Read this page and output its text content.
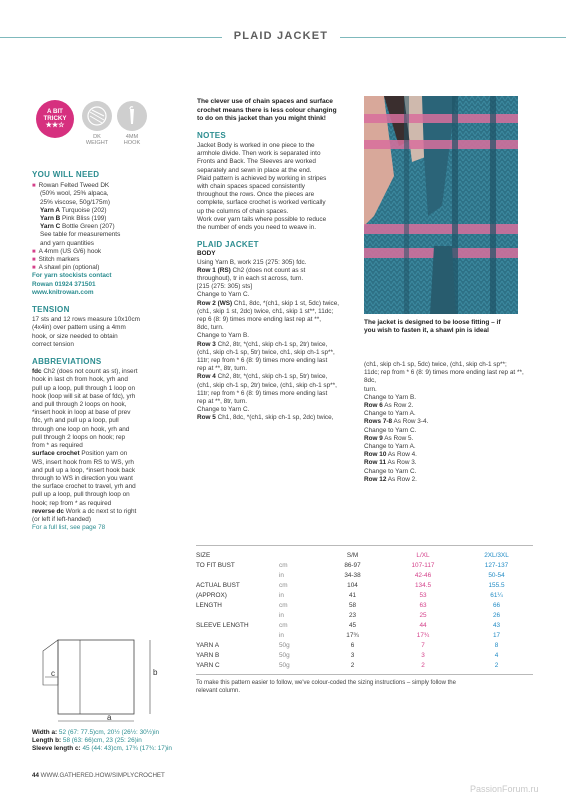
PLAID JACKET
A BIT
TRICKY
★★☆
DK
WEIGHT
4MM
HOOK
YOU WILL NEED
■ Rowan Felted Tweed DK
(50% wool, 25% alpaca,
25% viscose, 50g/175m)
Yarn A Turquoise (202)
Yarn B Pink Bliss (199)
Yarn C Bottle Green (207)
See table for measurements
and yarn quantities
■ A 4mm (US G/6) hook
■ Stitch markers
■ A shawl pin (optional)
For yarn stockists contact
Rowan 01924 371501
www.knitrowan.com
TENSION
17 sts and 12 rows measure 10x10cm
(4x4in) over pattern using a 4mm
hook, or size needed to obtain
correct tension
ABBREVIATIONS
fdc Ch2 (does not count as st), insert
hook in last ch from hook, yrh and
pull up a loop, pull through 1 loop on
hook (loop will sit at base of fdc), yrh
and pull through 2 loops on hook,
*insert hook in loop at base of prev
fdc, yrh and pull up a loop, pull
through one loop on hook, yrh and
pull through 2 loops on hook; rep
from * as required
surface crochet Position yarn on
WS, insert hook from RS to WS, yrh
and pull up a loop, *insert hook back
through to WS in direction you want
the surface crochet to travel, yrh and
pull up a loop, pull through loop on
hook; rep from * as required
reverse dc Work a dc next st to right
(or left if left-handed)
For a full list, see page 78
c	b
a
Width a: 52 (67: 77.5)cm, 20½ (26½: 30½)in
Length b: 58 (63: 66)cm, 23 (25: 26)in
Sleeve length c: 45 (44: 43)cm, 17¾ (17¾: 17)in
The clever use of chain spaces and surface
crochet means there is less colour changing
to do on this jacket than you might think!
NOTES
Jacket Body is worked in one piece to the
armhole divide. Then work is separated into
Fronts and Back. The Sleeves are worked
separately and sewn in place at the end.
Plaid pattern is achieved by working in stripes
with chain spaces spaced consistently
throughout the rows. Once the pieces are
complete, surface crochet is worked vertically
up the columns of chain spaces.
Work over yarn tails where possible to reduce
the number of ends you need to weave in.
PLAID JACKET
BODY
Using Yarn B, work 215 (275: 305) fdc.
Row 1 (RS) Ch2 (does not count as st
throughout), tr in each st across, turn.
[215 (275: 305) sts]
Change to Yarn C.
Row 2 (WS) Ch1, 8dc, *(ch1, skip 1 st, 5dc) twice,
(ch1, skip 1 st, 2dc) twice, ch1, skip 1 st**, 11dc;
rep 6 (8: 9) times more ending last rep at **,
8dc, turn.
Change to Yarn B.
Row 3 Ch2, 8tr, *(ch1, skip ch-1 sp, 2tr) twice,
(ch1, skip ch-1 sp, 5tr) twice, ch1, skip ch-1 sp**,
11tr; rep from * 6 (8: 9) times more ending last
rep at **, 8tr, turn.
Row 4 Ch2, 8tr, *(ch1, skip ch-1 sp, 5tr) twice,
(ch1, skip ch-1 sp, 2tr) twice, (ch1, skip ch-1 sp**,
11tr; rep from * 6 (8: 9) times more ending last
rep at **, 8tr, turn.
Change to Yarn C.
Row 5 Ch1, 8dc, *(ch1, skip ch-1 sp, 2dc) twice,
The jacket is designed to be loose fitting – if
you wish to fasten it, a shawl pin is ideal
(ch1, skip ch-1 sp, 5dc) twice, (ch1, skip ch-1 sp**;
11dc; rep from * 6 (8: 9) times more ending last rep at **, 8dc,
turn.
Change to Yarn B.
Row 6 As Row 2.
Change to Yarn A.
Rows 7-8 As Row 3-4.
Change to Yarn C.
Row 9 As Row 5.
Change to Yarn A.
Row 10 As Row 4.
Row 11 As Row 3.
Change to Yarn C.
Row 12 As Row 2.
SIZE		S/M	L/XL	2XL/3XL
TO FIT BUST	cm	86-97	107-117	127-137
	in	34-38	42-46	50-54
ACTUAL BUST	cm	104	134.5	155.5
(APPROX)	in	41	53	61¼
LENGTH	cm	58	63	66
	in	23	25	26
SLEEVE LENGTH	cm	45	44	43
	in	17¾	17¾	17
YARN A	50g	6	7	8
YARN B	50g	3	3	4
YARN C	50g	2	2	2
To make this pattern easier to follow, we've colour-coded the sizing instructions – simply follow the
relevant column.
44 WWW.GATHERED.HOW/SIMPLYCROCHET
PassionForum.ru
